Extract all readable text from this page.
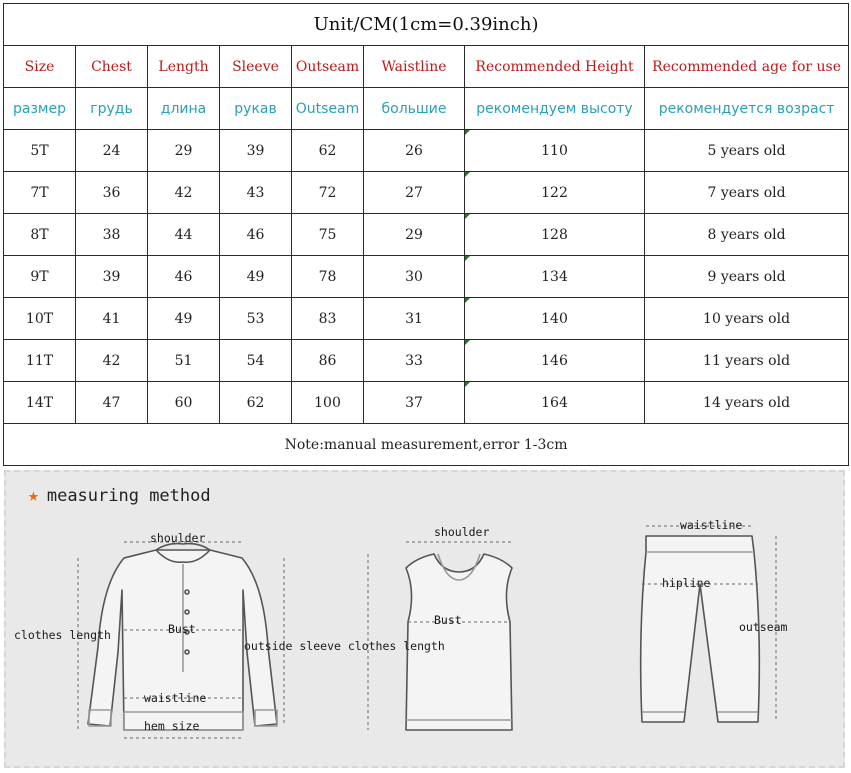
Unit/CM(1cm=0.39inch)							
Size	Chest	Length	Sleeve	Outseam	Waistline	Recommended Height	Recommended age for use
размер	грудь	длина	рукав	Outseam	большие	рекомендуем высоту	рекомендуется возраст
5T	24	29	39	62	26	110	5 years old
7T	36	42	43	72	27	122	7 years old
8T	38	44	46	75	29	128	8 years old
9T	39	46	49	78	30	134	9 years old
10T	41	49	53	83	31	140	10 years old
11T	42	51	54	86	33	146	11 years old
14T	47	60	62	100	37	164	14 years old
Note:manual measurement,error 1-3cm							
★ measuring method
shoulder
clothes length	Bust
outside sleeve clothes length
waistline
hem size
shoulder
Bust
waistline
hipline
outseam
